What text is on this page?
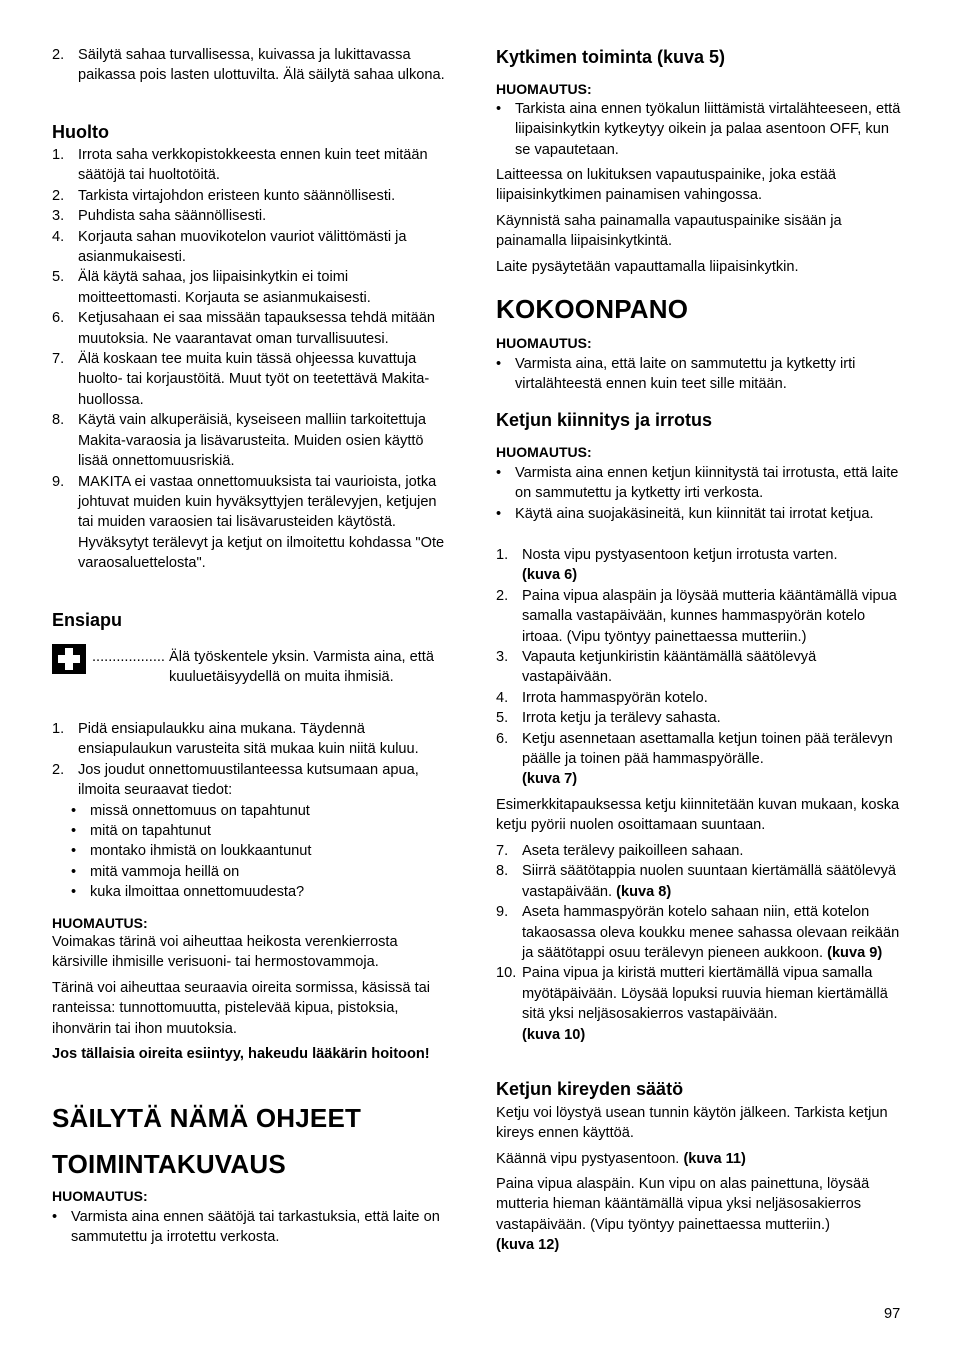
2. Säilytä sahaa turvallisessa, kuivassa ja lukittavassa paikassa pois lasten ulottuvilta. Älä säilytä sahaa ulkona.
Huolto
1. Irrota saha verkkopistokkeesta ennen kuin teet mitään säätöjä tai huoltotöitä.
2. Tarkista virtajohdon eristeen kunto säännöllisesti.
3. Puhdista saha säännöllisesti.
4. Korjauta sahan muovikotelon vauriot välittömästi ja asianmukaisesti.
5. Älä käytä sahaa, jos liipaisinkytkin ei toimi moitteettomasti. Korjauta se asianmukaisesti.
6. Ketjusahaan ei saa missään tapauksessa tehdä mitään muutoksia. Ne vaarantavat oman turvallisuutesi.
7. Älä koskaan tee muita kuin tässä ohjeessa kuvattuja huolto- tai korjaustöitä. Muut työt on teetettävä Makita-huollossa.
8. Käytä vain alkuperäisiä, kyseiseen malliin tarkoitettuja Makita-varaosia ja lisävarusteita. Muiden osien käyttö lisää onnettomuusriskiä.
9. MAKITA ei vastaa onnettomuuksista tai vaurioista, jotka johtuvat muiden kuin hyväksyttyjen terälevyjen, ketjujen tai muiden varaosien tai lisävarusteiden käytöstä. Hyväksytyt terälevyt ja ketjut on ilmoitettu kohdassa "Ote varaosaluettelosta".
Ensiapu
.................. Älä työskentele yksin. Varmista aina, että kuuluetäisyydellä on muita ihmisiä.
1. Pidä ensiapulaukku aina mukana. Täydennä ensiapulaukun varusteita sitä mukaa kuin niitä kuluu.
2. Jos joudut onnettomuustilanteessa kutsumaan apua, ilmoita seuraavat tiedot:
• missä onnettomuus on tapahtunut
• mitä on tapahtunut
• montako ihmistä on loukkaantunut
• mitä vammoja heillä on
• kuka ilmoittaa onnettomuudesta?
HUOMAUTUS:

Voimakas tärinä voi aiheuttaa heikosta verenkierrosta kärsiville ihmisille verisuoni- tai hermostovammoja.

Tärinä voi aiheuttaa seuraavia oireita sormissa, käsissä tai ranteissa: tunnottomuutta, pistelevää kipua, pistoksia, ihonvärin tai ihon muutoksia.

Jos tällaisia oireita esiintyy, hakeudu lääkärin hoitoon!

SÄILYTÄ NÄMÄ OHJEET
TOIMINTAKUVAUS
HUOMAUTUS:
• Varmista aina ennen säätöjä tai tarkastuksia, että laite on sammutettu ja irrotettu verkosta.
Kytkimen toiminta (kuva 5)
HUOMAUTUS:
• Tarkista aina ennen työkalun liittämistä virtalähteeseen, että liipaisinkytkin kytkeytyy oikein ja palaa asentoon OFF, kun se vapautetaan.

Laitteessa on lukituksen vapautuspainike, joka estää liipaisinkytkimen painamisen vahingossa.

Käynnistä saha painamalla vapautuspainike sisään ja painamalla liipaisinkytkintä.

Laite pysäytetään vapauttamalla liipaisinkytkin.

KOKOONPANO
HUOMAUTUS:
• Varmista aina, että laite on sammutettu ja kytketty irti virtalähteestä ennen kuin teet sille mitään.
Ketjun kiinnitys ja irrotus
HUOMAUTUS:
• Varmista aina ennen ketjun kiinnitystä tai irrotusta, että laite on sammutettu ja kytketty irti verkosta.
• Käytä aina suojakäsineitä, kun kiinnität tai irrotat ketjua.
1. Nosta vipu pystyasentoon ketjun irrotusta varten.
(kuva 6)
2. Paina vipua alaspäin ja löysää mutteria kääntämällä vipua samalla vastapäivään, kunnes hammaspyörän kotelo irtoaa. (Vipu työntyy painettaessa mutteriin.)
3. Vapauta ketjunkiristin kääntämällä säätölevyä vastapäivään.
4. Irrota hammaspyörän kotelo.
5. Irrota ketju ja terälevy sahasta.
6. Ketju asennetaan asettamalla ketjun toinen pää terälevyn päälle ja toinen pää hammaspyörälle.
(kuva 7)

Esimerkkitapauksessa ketju kiinnitetään kuvan mukaan, koska ketju pyörii nuolen osoittamaan suuntaan.

7. Aseta terälevy paikoilleen sahaan.
8. Siirrä säätötappia nuolen suuntaan kiertämällä säätölevyä vastapäivään. (kuva 8)
9. Aseta hammaspyörän kotelo sahaan niin, että kotelon takaosassa oleva koukku menee sahassa olevaan reikään ja säätötappi osuu terälevyn pieneen aukkoon. (kuva 9)
10. Paina vipua ja kiristä mutteri kiertämällä vipua samalla myötäpäivään. Löysää lopuksi ruuvia hieman kiertämällä sitä yksi neljäsosakierros vastapäivään.
(kuva 10)
Ketjun kireyden säätö

Ketju voi löystyä usean tunnin käytön jälkeen. Tarkista ketjun kireys ennen käyttöä.

Käännä vipu pystyasentoon. (kuva 11)

Paina vipua alaspäin. Kun vipu on alas painettuna, löysää mutteria hieman kääntämällä vipua yksi neljäsosakierros vastapäivään. (Vipu työntyy painettaessa mutteriin.)
(kuva 12)

97
